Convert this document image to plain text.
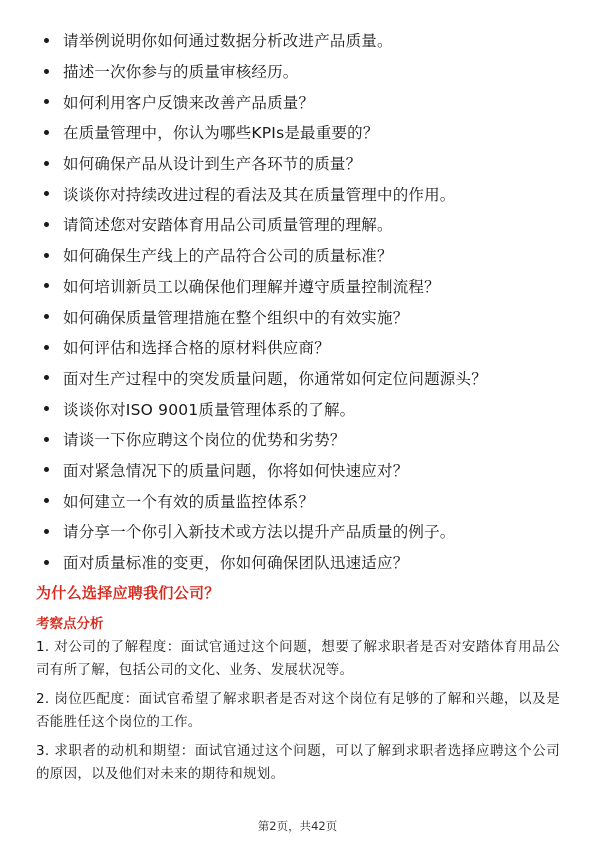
请举例说明你如何通过数据分析改进产品质量。
描述一次你参与的质量审核经历。
如何利用客户反馈来改善产品质量？
在质量管理中，你认为哪些KPIs是最重要的？
如何确保产品从设计到生产各环节的质量？
谈谈你对持续改进过程的看法及其在质量管理中的作用。
请简述您对安踏体育用品公司质量管理的理解。
如何确保生产线上的产品符合公司的质量标准？
如何培训新员工以确保他们理解并遵守质量控制流程？
如何确保质量管理措施在整个组织中的有效实施？
如何评估和选择合格的原材料供应商？
面对生产过程中的突发质量问题，你通常如何定位问题源头？
谈谈你对ISO 9001质量管理体系的了解。
请谈一下你应聘这个岗位的优势和劣势？
面对紧急情况下的质量问题，你将如何快速应对？
如何建立一个有效的质量监控体系？
请分享一个你引入新技术或方法以提升产品质量的例子。
面对质量标准的变更，你如何确保团队迅速适应？
为什么选择应聘我们公司？
考察点分析

1. 对公司的了解程度：面试官通过这个问题，想要了解求职者是否对安踏体育用品公司有所了解，包括公司的文化、业务、发展状况等。

2. 岗位匹配度：面试官希望了解求职者是否对这个岗位有足够的了解和兴趣，以及是否能胜任这个岗位的工作。

3. 求职者的动机和期望：面试官通过这个问题，可以了解到求职者选择应聘这个公司的原因，以及他们对未来的期待和规划。

第2页，共42页
